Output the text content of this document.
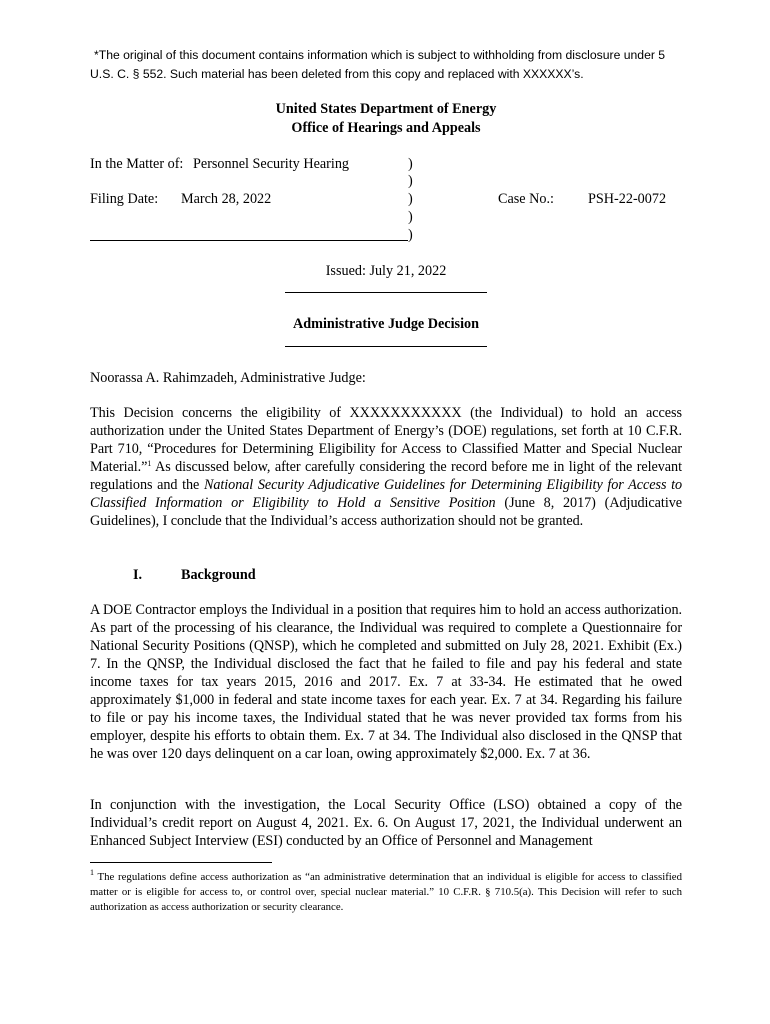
*The original of this document contains information which is subject to withholding from disclosure under 5 U.S. C. § 552. Such material has been deleted from this copy and replaced with XXXXXX’s.
United States Department of Energy
Office of Hearings and Appeals
In the Matter of: Personnel Security Hearing
Filing Date: March 28, 2022	Case No.: PSH-22-0072
)
)
)
)
)
Issued: July 21, 2022
Administrative Judge Decision
Noorassa A. Rahimzadeh, Administrative Judge:
This Decision concerns the eligibility of XXXXXXXXXXX (the Individual) to hold an access authorization under the United States Department of Energy’s (DOE) regulations, set forth at 10 C.F.R. Part 710, “Procedures for Determining Eligibility for Access to Classified Matter and Special Nuclear Material.”$^1$ As discussed below, after carefully considering the record before me in light of the relevant regulations and the National Security Adjudicative Guidelines for Determining Eligibility for Access to Classified Information or Eligibility to Hold a Sensitive Position (June 8, 2017) (Adjudicative Guidelines), I conclude that the Individual’s access authorization should not be granted.
I.	Background
A DOE Contractor employs the Individual in a position that requires him to hold an access authorization. As part of the processing of his clearance, the Individual was required to complete a Questionnaire for National Security Positions (QNSP), which he completed and submitted on July 28, 2021. Exhibit (Ex.) 7. In the QNSP, the Individual disclosed the fact that he failed to file and pay his federal and state income taxes for tax years 2015, 2016 and 2017. Ex. 7 at 33-34. He estimated that he owed approximately $1,000 in federal and state income taxes for each year. Ex. 7 at 34. Regarding his failure to file or pay his income taxes, the Individual stated that he was never provided tax forms from his employer, despite his efforts to obtain them. Ex. 7 at 34. The Individual also disclosed in the QNSP that he was over 120 days delinquent on a car loan, owing approximately $2,000. Ex. 7 at 36.
In conjunction with the investigation, the Local Security Office (LSO) obtained a copy of the Individual’s credit report on August 4, 2021. Ex. 6. On August 17, 2021, the Individual underwent an Enhanced Subject Interview (ESI) conducted by an Office of Personnel and Management
$^1$ The regulations define access authorization as “an administrative determination that an individual is eligible for access to classified matter or is eligible for access to, or control over, special nuclear material.” 10 C.F.R. § 710.5(a). This Decision will refer to such authorization as access authorization or security clearance.
